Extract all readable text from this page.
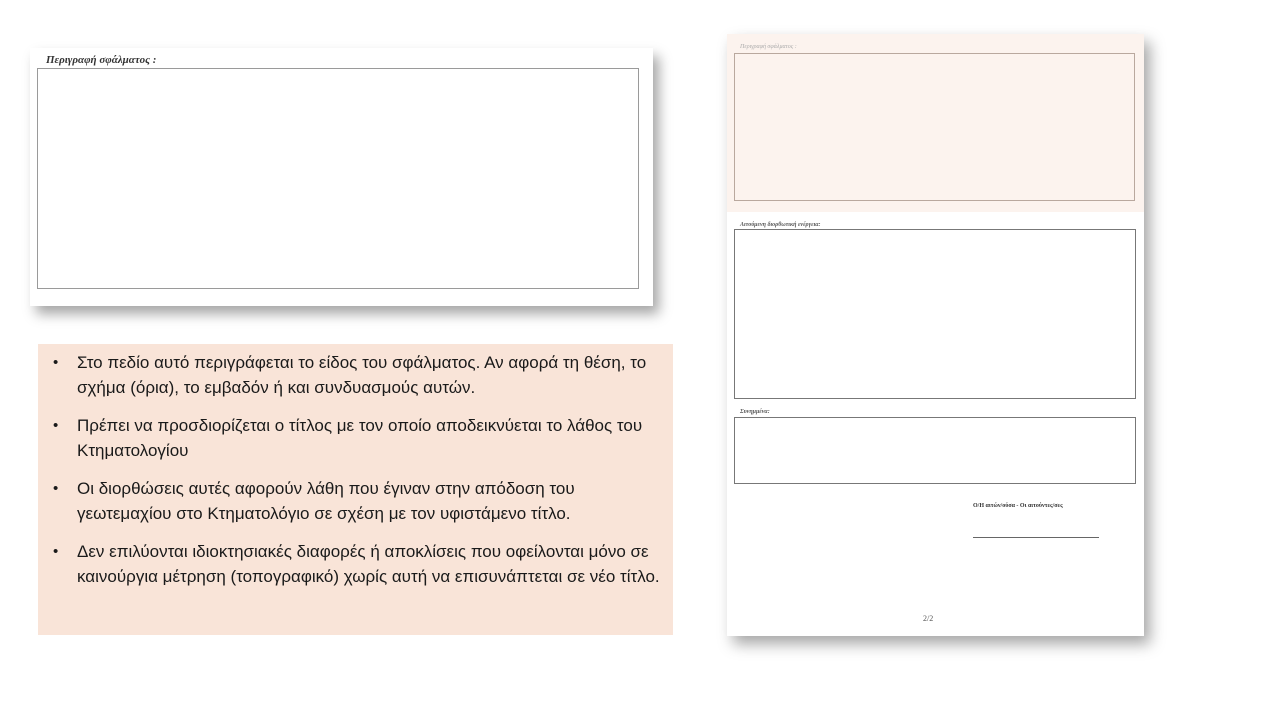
Περιγραφή σφάλματος :
• Στο πεδίο αυτό περιγράφεται το είδος του σφάλματος. Αν αφορά τη θέση, το σχήμα (όρια), το εμβαδόν ή και συνδυασμούς αυτών.
• Πρέπει να προσδιορίζεται ο τίτλος με τον οποίο αποδεικνύεται το λάθος του Κτηματολογίου
• Οι διορθώσεις αυτές αφορούν λάθη που έγιναν στην απόδοση του γεωτεμαχίου στο Κτηματολόγιο σε σχέση με τον υφιστάμενο τίτλο.
• Δεν επιλύονται ιδιοκτησιακές διαφορές ή αποκλίσεις που οφείλονται μόνο σε καινούργια μέτρηση (τοπογραφικό) χωρίς αυτή να επισυνάπτεται σε νέο τίτλο.
Περιγραφή σφάλματος :
Αιτούμενη διορθωτική ενέργεια:
Συνημμένα:
Ο/Η αιτών/ούσα - Οι αιτούντες/σες
2/2
